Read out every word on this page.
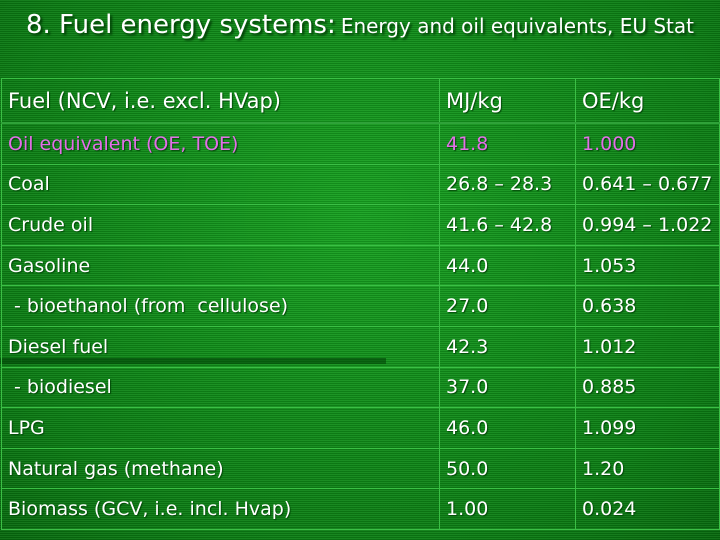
8. Fuel energy systems: Energy and oil equivalents, EU Stat
Fuel (NCV, i.e. excl. HVap)	MJ/kg	OE/kg
Oil equivalent (OE, TOE)	41.8	1.000
Coal	26.8 – 28.3	0.641 – 0.677
Crude oil	41.6 – 42.8	0.994 – 1.022
Gasoline	44.0	1.053
- bioethanol (from  cellulose)	27.0	0.638
Diesel fuel	42.3	1.012
- biodiesel	37.0	0.885
LPG	46.0	1.099
Natural gas (methane)	50.0	1.20
Biomass (GCV, i.e. incl. Hvap)	1.00	0.024
